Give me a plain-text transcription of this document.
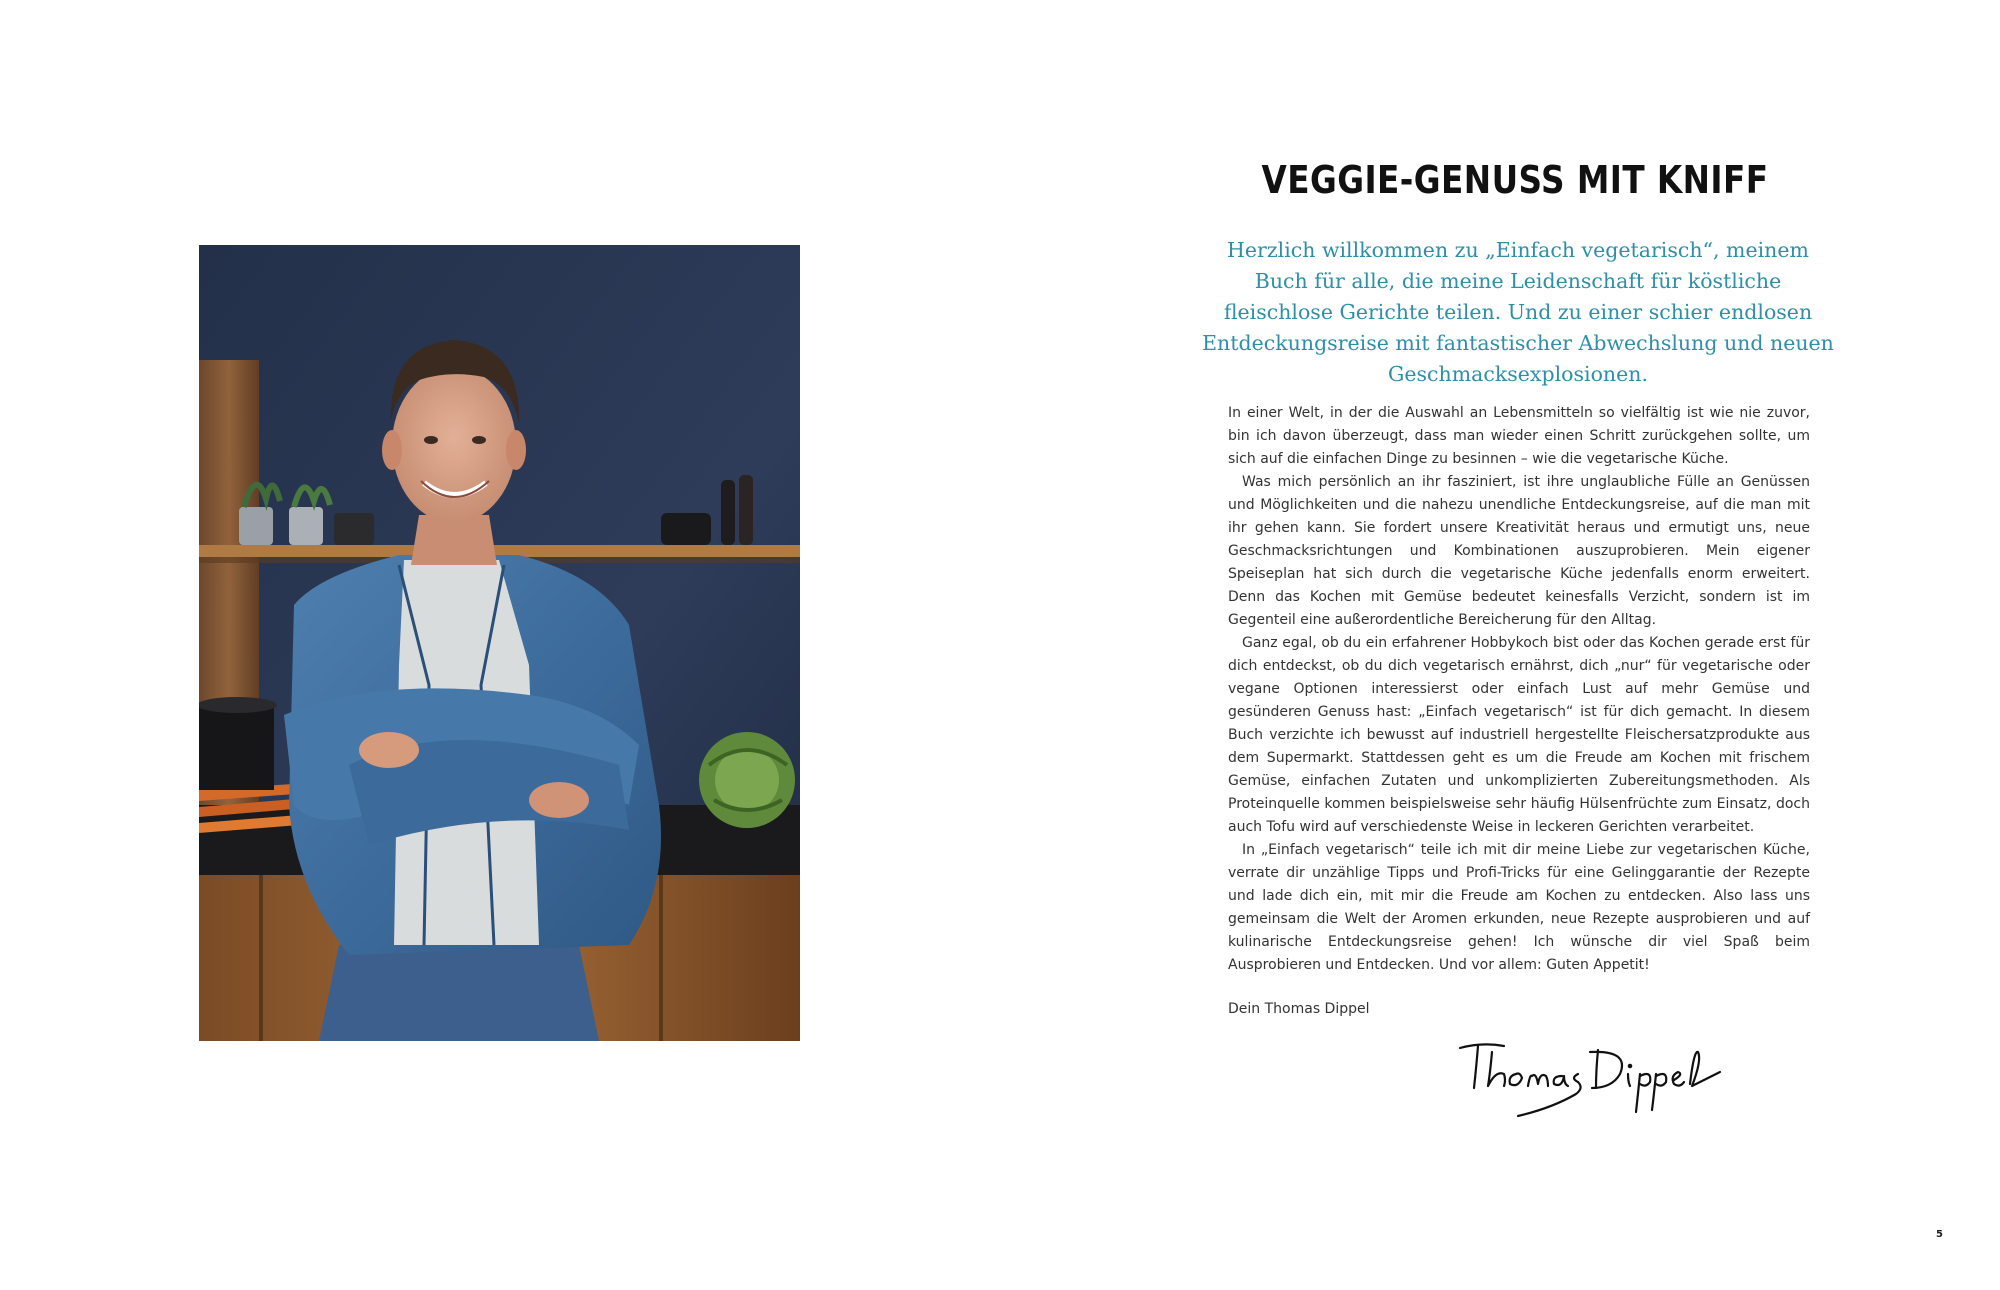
VEGGIE-GENUSS MIT KNIFF

Herzlich willkommen zu „Einfach vegetarisch“, meinem Buch für alle, die meine Leidenschaft für köstliche fleischlose Gerichte teilen. Und zu einer schier endlosen Entdeckungsreise mit fantastischer Abwechslung und neuen Geschmacksexplosionen.

In einer Welt, in der die Auswahl an Lebensmitteln so vielfältig ist wie nie zuvor, bin ich davon überzeugt, dass man wieder einen Schritt zurückgehen sollte, um sich auf die einfachen Dinge zu besinnen – wie die vegetarische Küche.

Was mich persönlich an ihr fasziniert, ist ihre unglaubliche Fülle an Genüssen und Möglichkeiten und die nahezu unendliche Entdeckungsreise, auf die man mit ihr gehen kann. Sie fordert unsere Kreativität heraus und ermutigt uns, neue Geschmacksrichtungen und Kombinationen auszuprobieren. Mein eigener Speiseplan hat sich durch die vegetarische Küche jedenfalls enorm erweitert. Denn das Kochen mit Gemüse bedeutet keinesfalls Verzicht, sondern ist im Gegenteil eine außerordentliche Bereicherung für den Alltag.

Ganz egal, ob du ein erfahrener Hobbykoch bist oder das Kochen gerade erst für dich entdeckst, ob du dich vegetarisch ernährst, dich „nur“ für vegetarische oder vegane Optionen interessierst oder einfach Lust auf mehr Gemüse und gesünderen Genuss hast: „Einfach vegetarisch“ ist für dich gemacht. In diesem Buch verzichte ich bewusst auf industriell hergestellte Fleischersatzprodukte aus dem Supermarkt. Stattdessen geht es um die Freude am Kochen mit frischem Gemüse, einfachen Zutaten und unkomplizierten Zubereitungsmethoden. Als Proteinquelle kommen beispielsweise sehr häufig Hülsenfrüchte zum Einsatz, doch auch Tofu wird auf verschiedenste Weise in leckeren Gerichten verarbeitet.

In „Einfach vegetarisch“ teile ich mit dir meine Liebe zur vegetarischen Küche, verrate dir unzählige Tipps und Profi-Tricks für eine Gelinggarantie der Rezepte und lade dich ein, mit mir die Freude am Kochen zu entdecken. Also lass uns gemeinsam die Welt der Aromen erkunden, neue Rezepte ausprobieren und auf kulinarische Entdeckungsreise gehen! Ich wünsche dir viel Spaß beim Ausprobieren und Entdecken. Und vor allem: Guten Appetit!

Dein Thomas Dippel

5
